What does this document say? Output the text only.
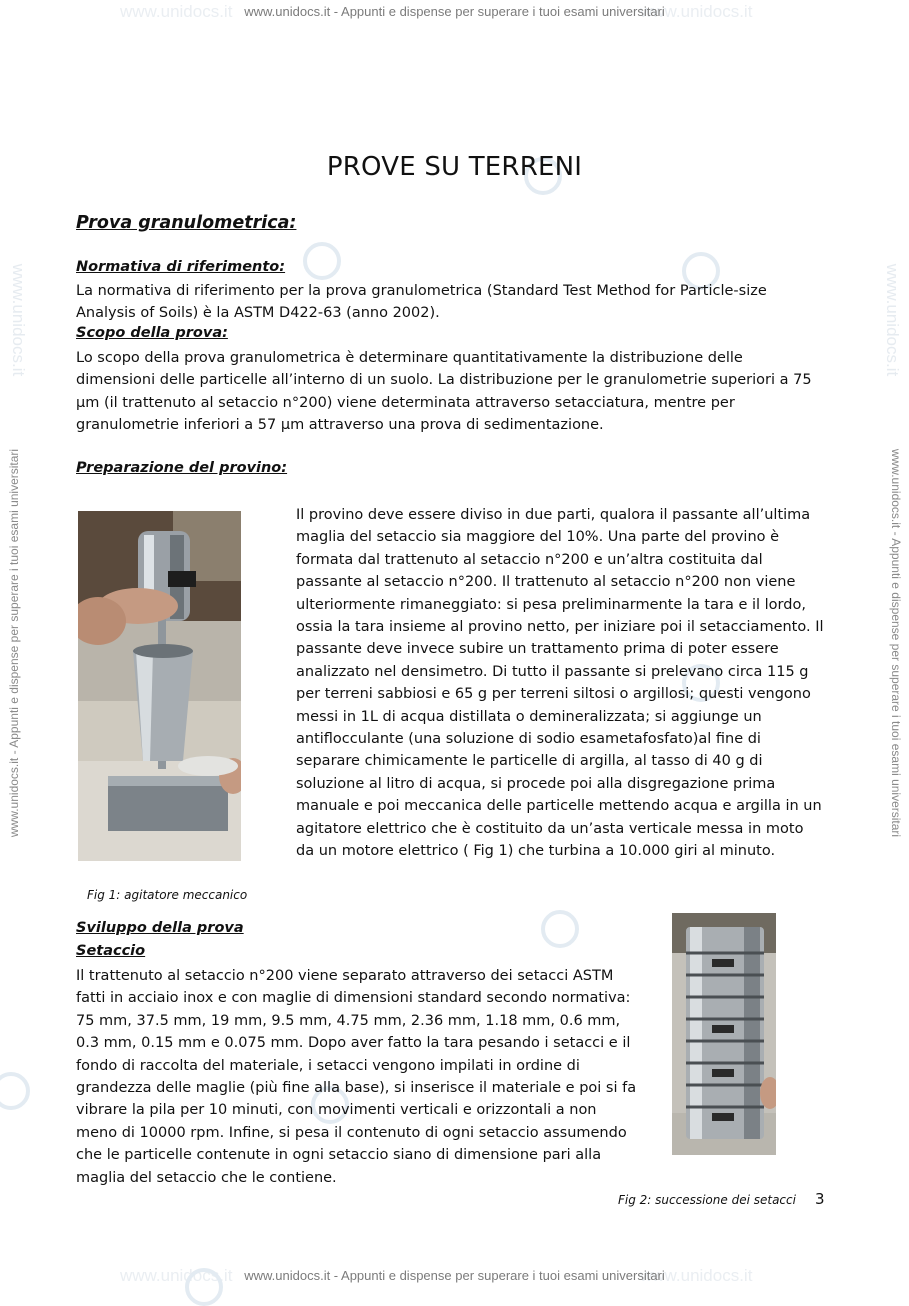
www.unidocs.it	www.unidocs.it
www.unidocs.it - Appunti e dispense per superare i tuoi esami universitari
www.unidocs.it	www.unidocs.it
www.unidocs.it - Appunti e dispense per superare i tuoi esami universitari
www.unidocs.it - Appunti e dispense per superare i tuoi esami universitari	www.unidocs.it - Appunti e dispense per superare i tuoi esami universitari
www.unidocs.it	www.unidocs.it
PROVE SU TERRENI
Prova granulometrica:
Normativa di riferimento:

La normativa di riferimento per la prova granulometrica (Standard Test Method for Particle-size Analysis of Soils) è la ASTM D422-63 (anno 2002).

Scopo della prova:

Lo scopo della prova granulometrica è determinare quantitativamente la distribuzione delle dimensioni delle particelle all’interno di un suolo. La distribuzione per le granulometrie superiori a 75 µm (il trattenuto al setaccio n°200) viene determinata attraverso setacciatura, mentre per granulometrie inferiori a 57 µm attraverso una prova di sedimentazione.

Preparazione del provino:

Fig 1: agitatore meccanico

Il provino deve essere diviso in due parti, qualora il passante all’ultima maglia del setaccio sia maggiore del 10%. Una parte del provino è formata dal trattenuto al setaccio n°200 e un’altra costituita dal passante al setaccio n°200. Il trattenuto al setaccio n°200 non viene ulteriormente rimaneggiato: si pesa preliminarmente la tara e il lordo, ossia la tara insieme al provino netto, per iniziare poi il setacciamento. Il passante deve invece subire un trattamento prima di poter essere analizzato nel densimetro. Di tutto il passante si prelevano circa 115 g per terreni sabbiosi e 65 g per terreni siltosi o argillosi; questi vengono messi in 1L di acqua distillata o demineralizzata; si aggiunge un antiflocculante (una soluzione di sodio esametafosfato)al fine di separare chimicamente le particelle di argilla, al tasso di 40 g di soluzione al litro di acqua, si procede poi alla disgregazione prima manuale e poi meccanica delle particelle mettendo acqua e argilla in un agitatore elettrico che è costituito da un’asta verticale messa in moto da un motore elettrico ( Fig 1) che turbina a 10.000 giri al minuto.

Sviluppo della prova
Setaccio

Il trattenuto al setaccio n°200 viene separato attraverso dei setacci ASTM fatti in acciaio inox e con maglie di dimensioni standard secondo normativa: 75 mm, 37.5 mm, 19 mm, 9.5 mm, 4.75 mm, 2.36 mm, 1.18 mm, 0.6 mm, 0.3 mm, 0.15 mm e 0.075 mm. Dopo aver fatto la tara pesando i setacci e il fondo di raccolta del materiale, i setacci vengono impilati in ordine di grandezza delle maglie (più fine alla base), si inserisce il materiale e poi si fa vibrare la pila per 10 minuti, con movimenti verticali e orizzontali a non meno di 10000 rpm. Infine, si pesa il contenuto di ogni setaccio assumendo che le particelle contenute in ogni setaccio siano di dimensione pari alla maglia del setaccio che le contiene.

Fig 2: successione dei setacci 3
